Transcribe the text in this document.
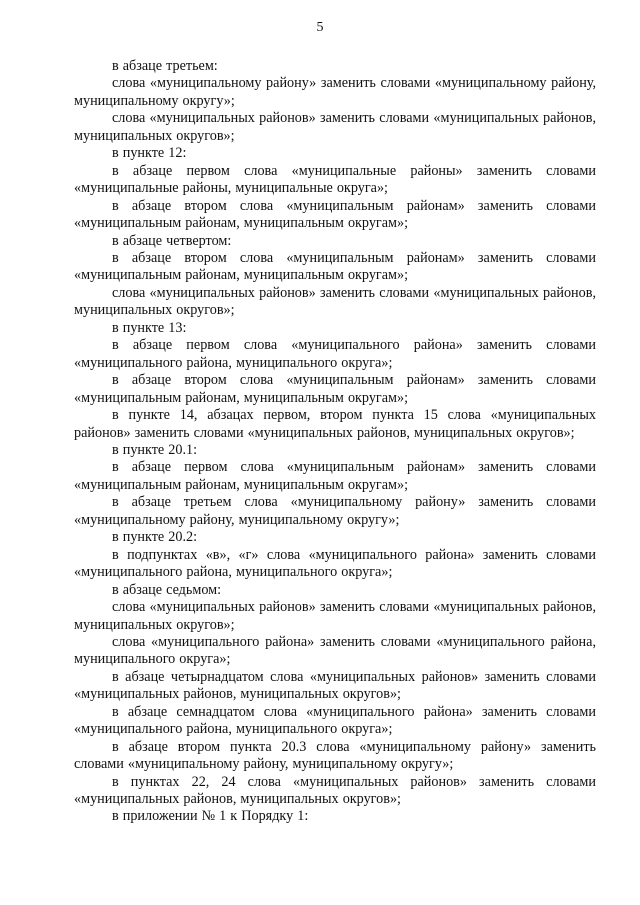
5

в абзаце третьем:

слова «муниципальному району» заменить словами «муниципальному району, муниципальному округу»;

слова «муниципальных районов» заменить словами «муниципальных районов, муниципальных округов»;

в пункте 12:

в абзаце первом слова «муниципальные районы» заменить словами «муниципальные районы, муниципальные округа»;

в абзаце втором слова «муниципальным районам» заменить словами «муниципальным районам, муниципальным округам»;

в абзаце четвертом:

в абзаце втором слова «муниципальным районам» заменить словами «муниципальным районам, муниципальным округам»;

слова «муниципальных районов» заменить словами «муниципальных районов, муниципальных округов»;

в пункте 13:

в абзаце первом слова «муниципального района» заменить словами «муниципального района, муниципального округа»;

в абзаце втором слова «муниципальным районам» заменить словами «муниципальным районам, муниципальным округам»;

в пункте 14, абзацах первом, втором пункта 15 слова «муниципальных районов» заменить словами «муниципальных районов, муниципальных округов»;

в пункте 20.1:

в абзаце первом слова «муниципальным районам» заменить словами «муниципальным районам, муниципальным округам»;

в абзаце третьем слова «муниципальному району» заменить словами «муниципальному району, муниципальному округу»;

в пункте 20.2:

в подпунктах «в», «г» слова «муниципального района» заменить словами «муниципального района, муниципального округа»;

в абзаце седьмом:

слова «муниципальных районов» заменить словами «муниципальных районов, муниципальных округов»;

слова «муниципального района» заменить словами «муниципального района, муниципального округа»;

в абзаце четырнадцатом слова «муниципальных районов» заменить словами «муниципальных районов, муниципальных округов»;

в абзаце семнадцатом слова «муниципального района» заменить словами «муниципального района, муниципального округа»;

в абзаце втором пункта 20.3 слова «муниципальному району» заменить словами «муниципальному району, муниципальному округу»;

в пунктах 22, 24 слова «муниципальных районов» заменить словами «муниципальных районов, муниципальных округов»;

в приложении № 1 к Порядку 1:
